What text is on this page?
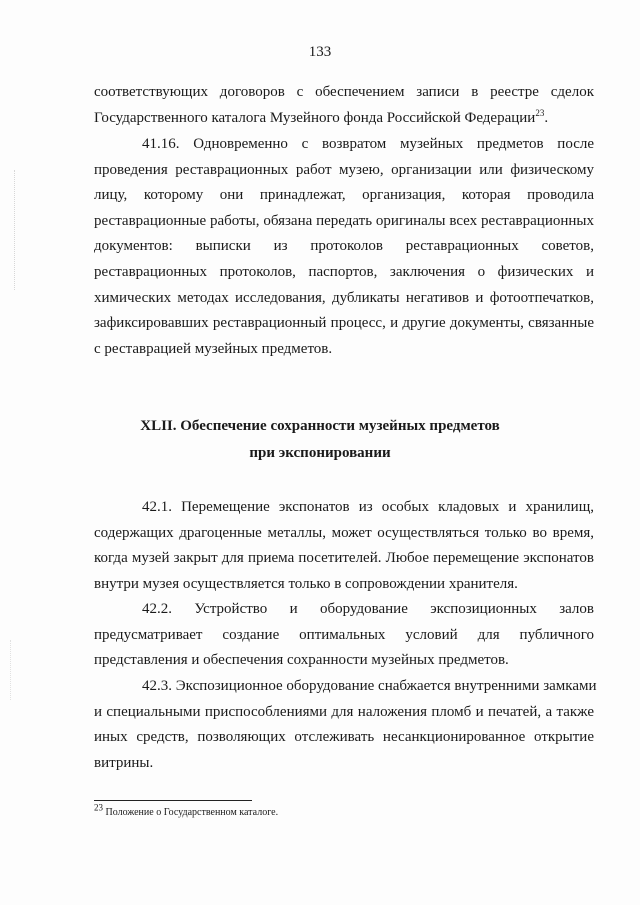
133
соответствующих договоров с обеспечением записи в реестре сделок
Государственного каталога Музейного фонда Российской Федерации$^{23}$.
41.16. Одновременно с возвратом музейных предметов после
проведения реставрационных работ музею, организации или физическому
лицу, которому они принадлежат, организация, которая проводила
реставрационные работы, обязана передать оригиналы всех реставрационных
документов: выписки из протоколов реставрационных советов,
реставрационных протоколов, паспортов, заключения о физических и
химических методах исследования, дубликаты негативов и фотоотпечатков,
зафиксировавших реставрационный процесс, и другие документы, связанные
с реставрацией музейных предметов.
XLII. Обеспечение сохранности музейных предметов
при экспонировании
42.1. Перемещение экспонатов из особых кладовых и хранилищ,
содержащих драгоценные металлы, может осуществляться только во время,
когда музей закрыт для приема посетителей. Любое перемещение экспонатов
внутри музея осуществляется только в сопровождении хранителя.
42.2. Устройство и оборудование экспозиционных залов
предусматривает создание оптимальных условий для публичного
представления и обеспечения сохранности музейных предметов.
42.3. Экспозиционное оборудование снабжается внутренними замками
и специальными приспособлениями для наложения пломб и печатей, а также
иных средств, позволяющих отслеживать несанкционированное открытие
витрины.
$^{23}$ Положение о Государственном каталоге.
